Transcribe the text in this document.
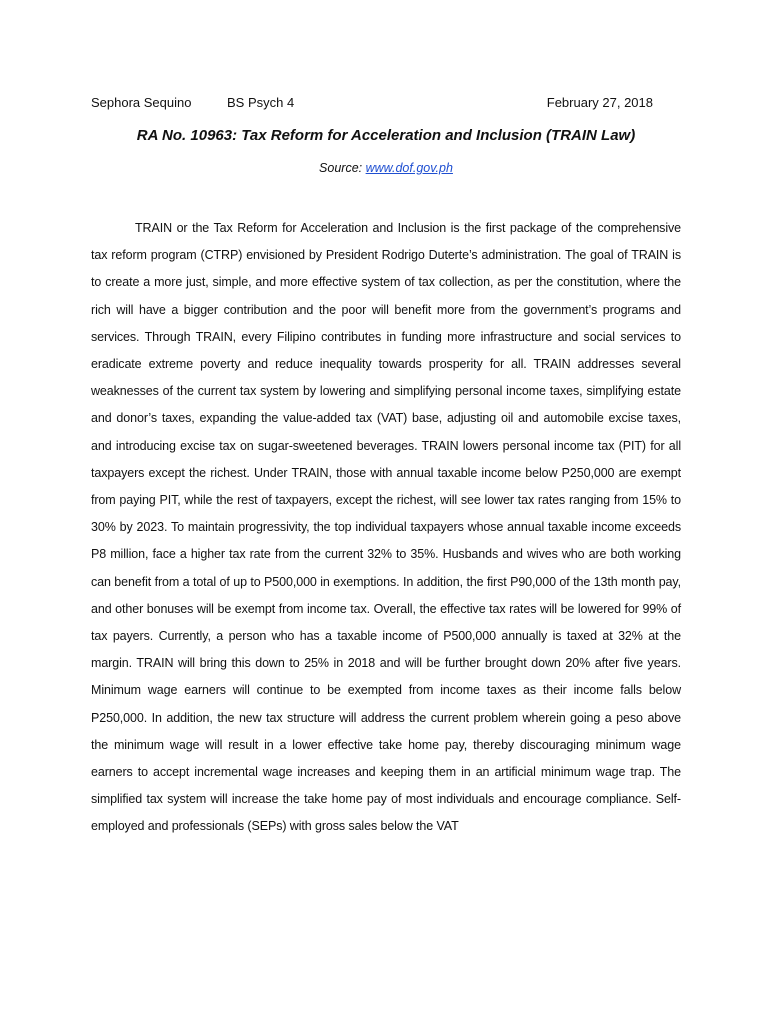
Sephora Sequino	BS Psych 4	February 27, 2018
RA No. 10963: Tax Reform for Acceleration and Inclusion (TRAIN Law)
Source: www.dof.gov.ph

TRAIN or the Tax Reform for Acceleration and Inclusion is the first package of the comprehensive tax reform program (CTRP) envisioned by President Rodrigo Duterte’s administration. The goal of TRAIN is to create a more just, simple, and more effective system of tax collection, as per the constitution, where the rich will have a bigger contribution and the poor will benefit more from the government’s programs and services. Through TRAIN, every Filipino contributes in funding more infrastructure and social services to eradicate extreme poverty and reduce inequality towards prosperity for all. TRAIN addresses several weaknesses of the current tax system by lowering and simplifying personal income taxes, simplifying estate and donor’s taxes, expanding the value-added tax (VAT) base, adjusting oil and automobile excise taxes, and introducing excise tax on sugar-sweetened beverages. TRAIN lowers personal income tax (PIT) for all taxpayers except the richest. Under TRAIN, those with annual taxable income below P250,000 are exempt from paying PIT, while the rest of taxpayers, except the richest, will see lower tax rates ranging from 15% to 30% by 2023. To maintain progressivity, the top individual taxpayers whose annual taxable income exceeds P8 million, face a higher tax rate from the current 32% to 35%. Husbands and wives who are both working can benefit from a total of up to P500,000 in exemptions. In addition, the first P90,000 of the 13th month pay, and other bonuses will be exempt from income tax. Overall, the effective tax rates will be lowered for 99% of tax payers. Currently, a person who has a taxable income of P500,000 annually is taxed at 32% at the margin. TRAIN will bring this down to 25% in 2018 and will be further brought down 20% after five years. Minimum wage earners will continue to be exempted from income taxes as their income falls below P250,000. In addition, the new tax structure will address the current problem wherein going a peso above the minimum wage will result in a lower effective take home pay, thereby discouraging minimum wage earners to accept incremental wage increases and keeping them in an artificial minimum wage trap. The simplified tax system will increase the take home pay of most individuals and encourage compliance. Self-employed and professionals (SEPs) with gross sales below the VAT
